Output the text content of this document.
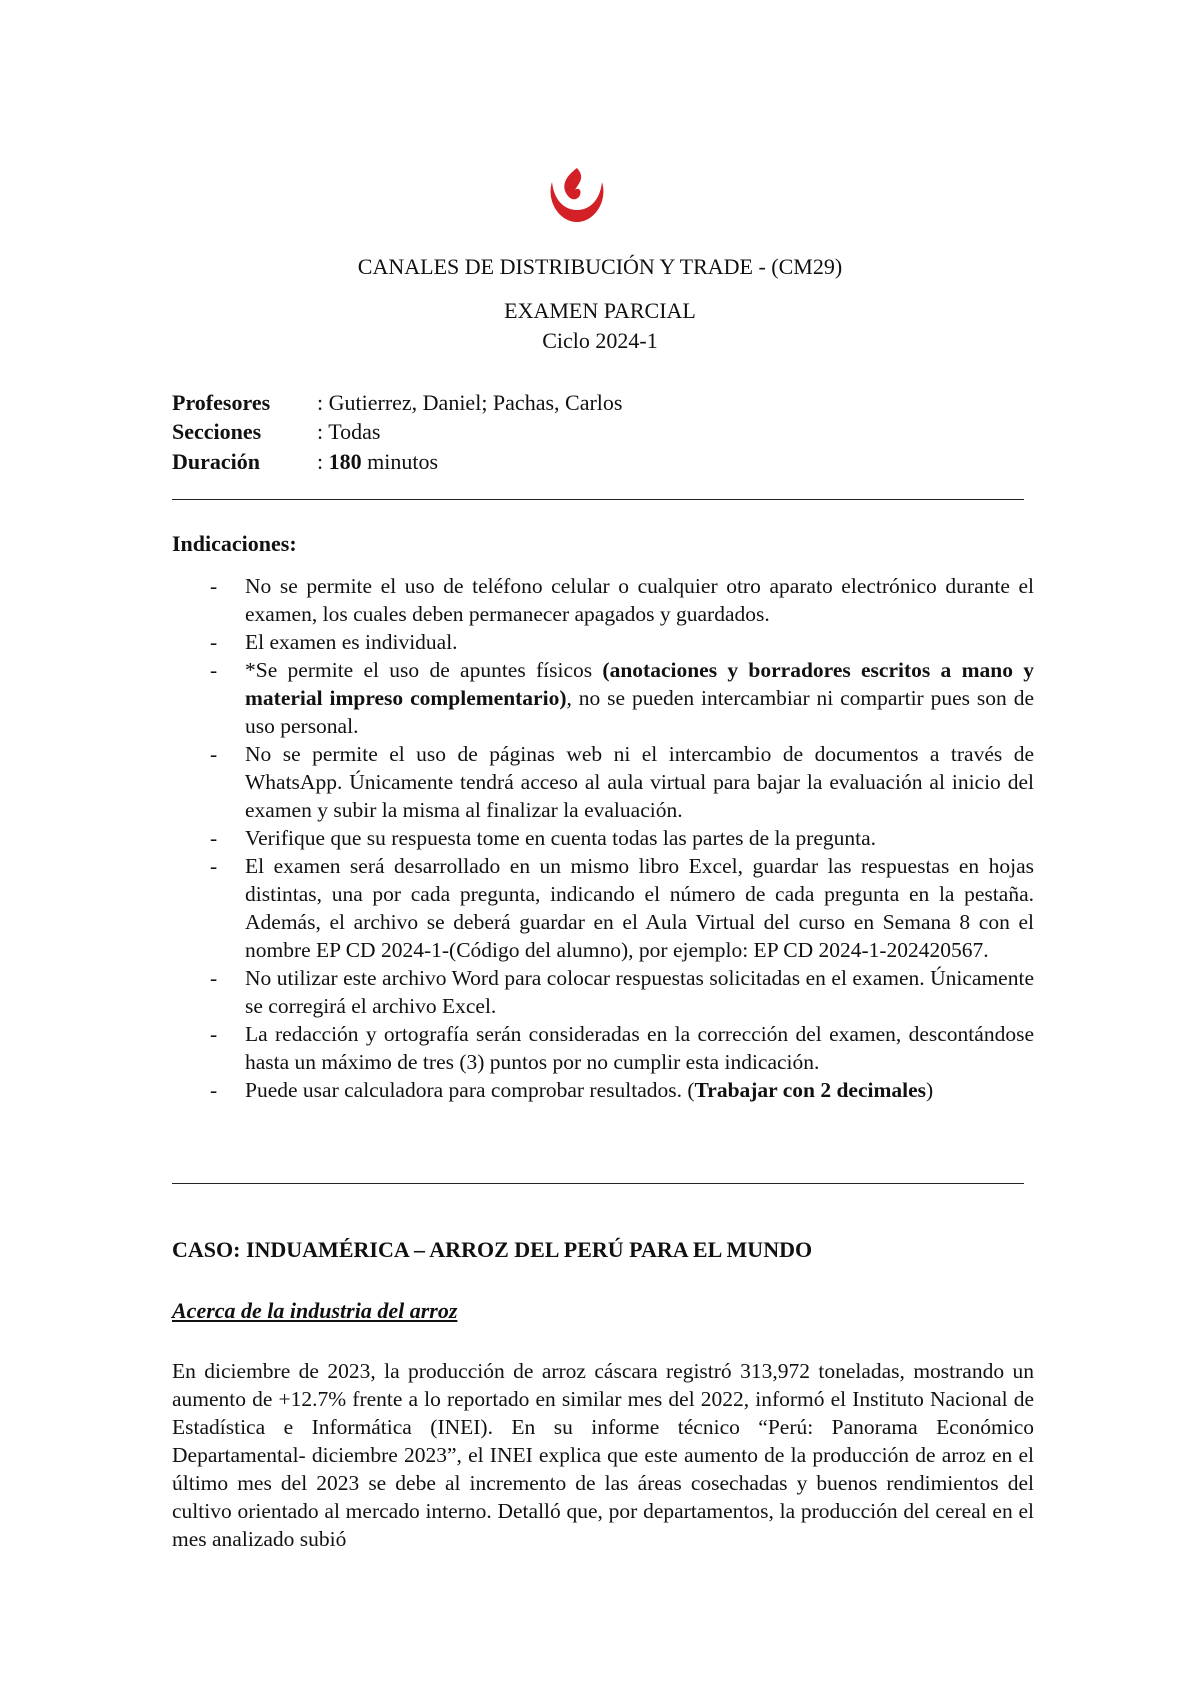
CANALES DE DISTRIBUCIÓN Y TRADE - (CM29)
EXAMEN PARCIAL
Ciclo 2024-1
Profesores : Gutierrez, Daniel; Pachas, Carlos
Secciones	: Todas
Duración	: 180 minutos
Indicaciones:
- No se permite el uso de teléfono celular o cualquier otro aparato electrónico durante el examen, los cuales deben permanecer apagados y guardados.
- El examen es individual.
- *Se permite el uso de apuntes físicos (anotaciones y borradores escritos a mano y material impreso complementario), no se pueden intercambiar ni compartir pues son de uso personal.
- No se permite el uso de páginas web ni el intercambio de documentos a través de WhatsApp. Únicamente tendrá acceso al aula virtual para bajar la evaluación al inicio del examen y subir la misma al finalizar la evaluación.
- Verifique que su respuesta tome en cuenta todas las partes de la pregunta.
- El examen será desarrollado en un mismo libro Excel, guardar las respuestas en hojas distintas, una por cada pregunta, indicando el número de cada pregunta en la pestaña. Además, el archivo se deberá guardar en el Aula Virtual del curso en Semana 8 con el nombre EP CD 2024-1-(Código del alumno), por ejemplo: EP CD 2024-1-202420567.
- No utilizar este archivo Word para colocar respuestas solicitadas en el examen. Únicamente se corregirá el archivo Excel.
- La redacción y ortografía serán consideradas en la corrección del examen, descontándose hasta un máximo de tres (3) puntos por no cumplir esta indicación.
- Puede usar calculadora para comprobar resultados. (Trabajar con 2 decimales)
CASO: INDUAMÉRICA – ARROZ DEL PERÚ PARA EL MUNDO
Acerca de la industria del arroz
En diciembre de 2023, la producción de arroz cáscara registró 313,972 toneladas, mostrando un aumento de +12.7% frente a lo reportado en similar mes del 2022, informó el Instituto Nacional de Estadística e Informática (INEI). En su informe técnico “Perú: Panorama Económico Departamental- diciembre 2023”, el INEI explica que este aumento de la producción de arroz en el último mes del 2023 se debe al incremento de las áreas cosechadas y buenos rendimientos del cultivo orientado al mercado interno. Detalló que, por departamentos, la producción del cereal en el mes analizado subió
